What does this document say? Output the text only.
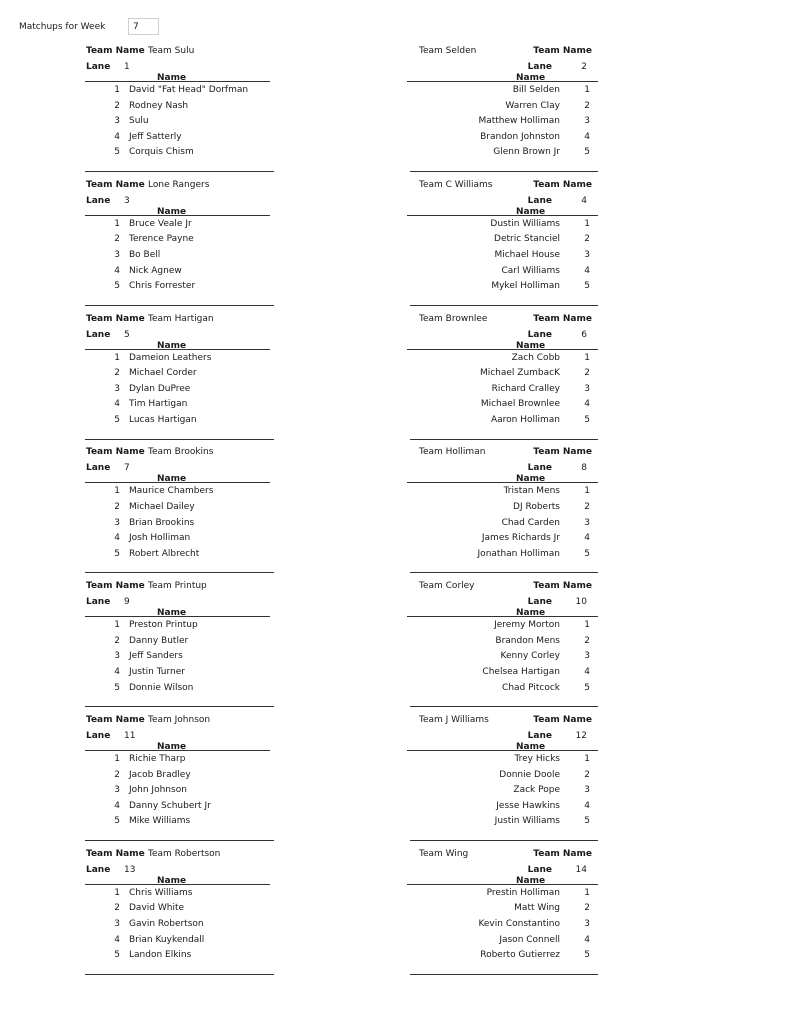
Matchups for Week	7
Team Name Team Sulu
Lane 1
Name
1 David "Fat Head" Dorfman
2 Rodney Nash
3 Sulu
4 Jeff Satterly
5 Corquis Chism
Team Selden	Team Name
Lane	2
Name
Bill Selden	1
Warren Clay	2
Matthew Holliman	3
Brandon Johnston	4
Glenn Brown Jr	5
Team Name Lone Rangers
Lane 3
Name
1 Bruce Veale Jr
2 Terence Payne
3 Bo Bell
4 Nick Agnew
5 Chris Forrester
Team C Williams	Team Name
Lane	4
Name
Dustin Williams	1
Detric Stanciel	2
Michael House	3
Carl Williams	4
Mykel Holliman	5
Team Name Team Hartigan
Lane 5
Name
1 Dameion Leathers
2 Michael Corder
3 Dylan DuPree
4 Tim Hartigan
5 Lucas Hartigan
Team Brownlee	Team Name
Lane	6
Name
Zach Cobb	1
Michael ZumbacK	2
Richard Cralley	3
Michael Brownlee	4
Aaron Holliman	5
Team Name Team Brookins
Lane 7
Name
1 Maurice Chambers
2 Michael Dailey
3 Brian Brookins
4 Josh Holliman
5 Robert Albrecht
Team Holliman	Team Name
Lane	8
Name
Tristan Mens	1
DJ Roberts	2
Chad Carden	3
James Richards Jr	4
Jonathan Holliman	5
Team Name Team Printup
Lane 9
Name
1 Preston Printup
2 Danny Butler
3 Jeff Sanders
4 Justin Turner
5 Donnie Wilson
Team Corley	Team Name
Lane	10
Name
Jeremy Morton	1
Brandon Mens	2
Kenny Corley	3
Chelsea Hartigan	4
Chad Pitcock	5
Team Name Team Johnson
Lane 11
Name
1 Richie Tharp
2 Jacob Bradley
3 John Johnson
4 Danny Schubert Jr
5 Mike Williams
Team J Williams	Team Name
Lane	12
Name
Trey Hicks	1
Donnie Doole	2
Zack Pope	3
Jesse Hawkins	4
Justin Williams	5
Team Name Team Robertson
Lane 13
Name
1 Chris Williams
2 David White
3 Gavin Robertson
4 Brian Kuykendall
5 Landon Elkins
Team Wing	Team Name
Lane	14
Name
Prestin Holliman	1
Matt Wing	2
Kevin Constantino	3
Jason Connell	4
Roberto Gutierrez	5
